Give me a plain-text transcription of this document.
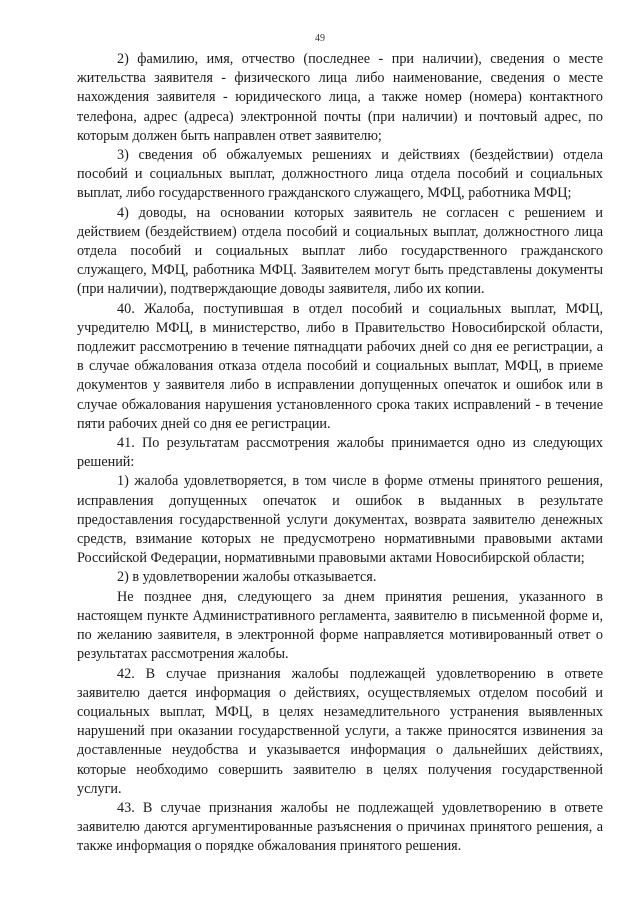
49

2) фамилию, имя, отчество (последнее - при наличии), сведения о месте жительства заявителя - физического лица либо наименование, сведения о месте нахождения заявителя - юридического лица, а также номер (номера) контактного телефона, адрес (адреса) электронной почты (при наличии) и почтовый адрес, по которым должен быть направлен ответ заявителю;

3) сведения об обжалуемых решениях и действиях (бездействии) отдела пособий и социальных выплат, должностного лица отдела пособий и социальных выплат, либо государственного гражданского служащего, МФЦ, работника МФЦ;

4) доводы, на основании которых заявитель не согласен с решением и действием (бездействием) отдела пособий и социальных выплат, должностного лица отдела пособий и социальных выплат либо государственного гражданского служащего, МФЦ, работника МФЦ. Заявителем могут быть представлены документы (при наличии), подтверждающие доводы заявителя, либо их копии.

40. Жалоба, поступившая в отдел пособий и социальных выплат, МФЦ, учредителю МФЦ, в министерство, либо в Правительство Новосибирской области, подлежит рассмотрению в течение пятнадцати рабочих дней со дня ее регистрации, а в случае обжалования отказа отдела пособий и социальных выплат, МФЦ, в приеме документов у заявителя либо в исправлении допущенных опечаток и ошибок или в случае обжалования нарушения установленного срока таких исправлений - в течение пяти рабочих дней со дня ее регистрации.

41. По результатам рассмотрения жалобы принимается одно из следующих решений:

1) жалоба удовлетворяется, в том числе в форме отмены принятого решения, исправления допущенных опечаток и ошибок в выданных в результате предоставления государственной услуги документах, возврата заявителю денежных средств, взимание которых не предусмотрено нормативными правовыми актами Российской Федерации, нормативными правовыми актами Новосибирской области;

2) в удовлетворении жалобы отказывается.

Не позднее дня, следующего за днем принятия решения, указанного в настоящем пункте Административного регламента, заявителю в письменной форме и, по желанию заявителя, в электронной форме направляется мотивированный ответ о результатах рассмотрения жалобы.

42. В случае признания жалобы подлежащей удовлетворению в ответе заявителю дается информация о действиях, осуществляемых отделом пособий и социальных выплат, МФЦ, в целях незамедлительного устранения выявленных нарушений при оказании государственной услуги, а также приносятся извинения за доставленные неудобства и указывается информация о дальнейших действиях, которые необходимо совершить заявителю в целях получения государственной услуги.

43. В случае признания жалобы не подлежащей удовлетворению в ответе заявителю даются аргументированные разъяснения о причинах принятого решения, а также информация о порядке обжалования принятого решения.
